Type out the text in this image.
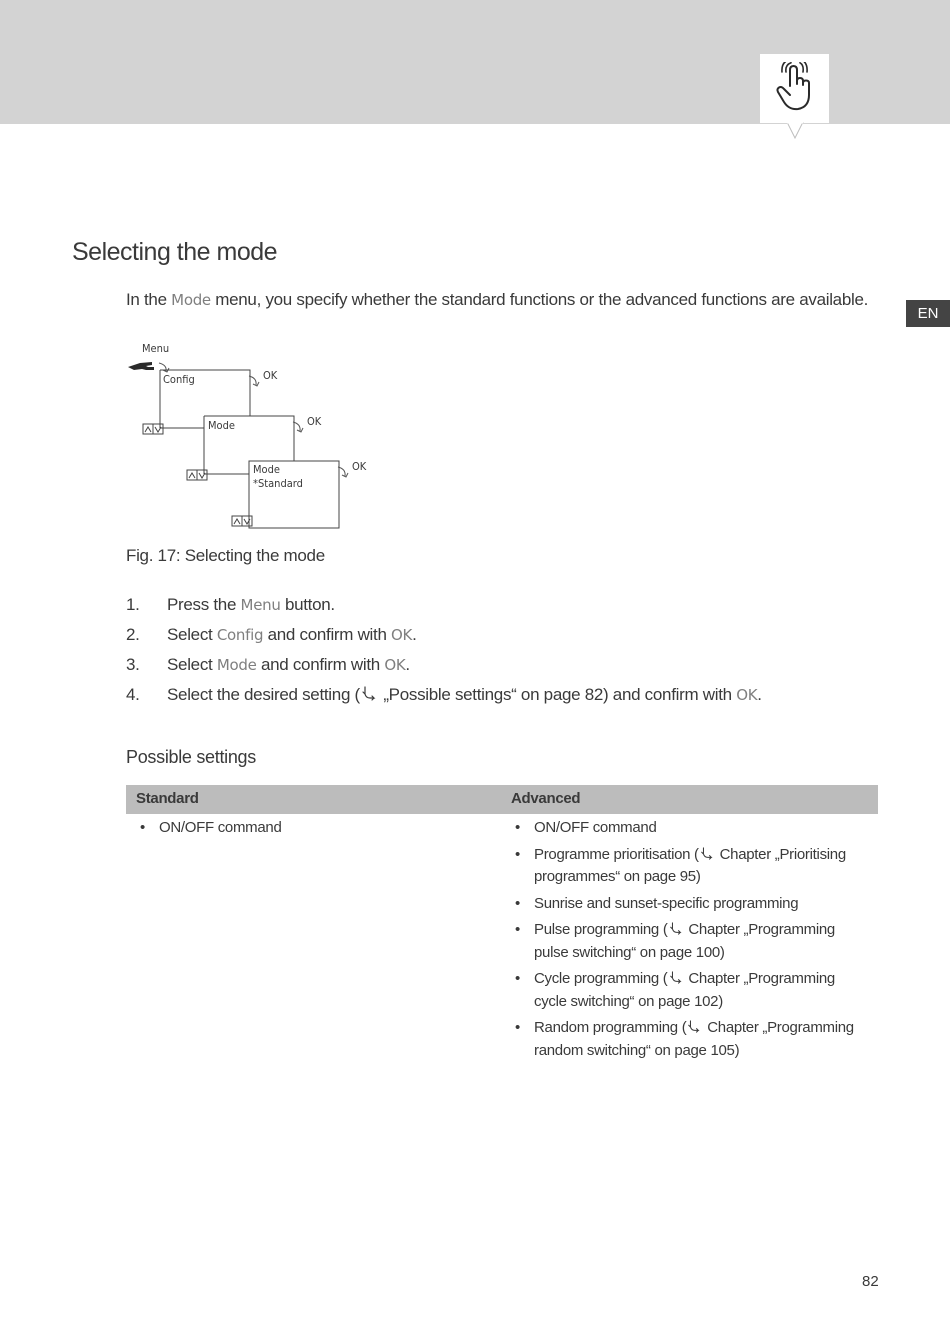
EN
Selecting the mode
In the Mode menu, you specify whether the standard functions or the advanced functions are available.
Menu
Config	OK
Mode	OK
Mode
*Standard
OK
Fig. 17: Selecting the mode
1. Press the Menu button.
2. Select Config and confirm with OK.
3. Select Mode and confirm with OK.
4. Select the desired setting ( „Possible settings“ on page 82) and confirm with OK.
Possible settings
Standard	Advanced
• ON/OFF command
•	ON/OFF command
• Programme prioritisation ( Chapter „Prioritising programmes“ on page 95)
• Sunrise and sunset-specific programming
• Pulse programming ( Chapter „Programming pulse switching“ on page 100)
• Cycle programming ( Chapter „Programming cycle switching“ on page 102)
• Random programming ( Chapter „Programming random switching“ on page 105)
82
